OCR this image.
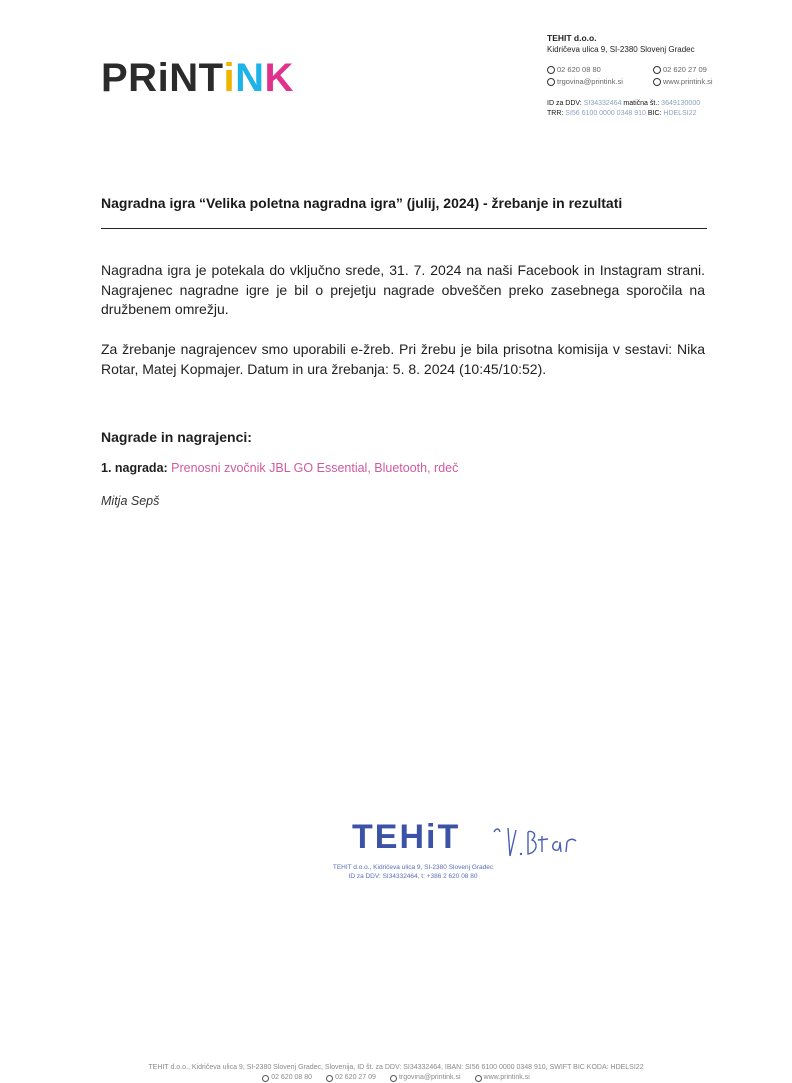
PRiNTiNK
TEHIT d.o.o.
Kidričeva ulica 9, SI-2380 Slovenj Gradec
02 620 08 80	02 620 27 09
trgovina@printink.si	www.printink.si
ID za DDV: SI34332464 matična št.: 3649130000
TRR: SI56 6100 0000 0348 910 BIC: HDELSI22
Nagradna igra “Velika poletna nagradna igra” (julij, 2024) - žrebanje in rezultati
Nagradna igra je potekala do vključno srede, 31. 7. 2024 na naši Facebook in Instagram strani. Nagrajenec nagradne igre je bil o prejetju nagrade obveščen preko zasebnega sporočila na družbenem omrežju.
Za žrebanje nagrajencev smo uporabili e-žreb. Pri žrebu je bila prisotna komisija v sestavi: Nika Rotar, Matej Kopmajer. Datum in ura žrebanja: 5. 8. 2024 (10:45/10:52).
Nagrade in nagrajenci:
1. nagrada: Prenosni zvočnik JBL GO Essential, Bluetooth, rdeč
Mitja Sepš
TEHiT
TEHIT d.o.o., Kidričeva ulica 9, SI-2380 Slovenj Gradec
ID za DDV: SI34332464, t: +386 2 620 08 80
TEHIT d.o.o., Kidričeva ulica 9, SI-2380 Slovenj Gradec, Slovenija, ID št. za DDV: SI34332464, IBAN: SI56 6100 0000 0348 910, SWIFT BIC KODA: HDELSI22
02 620 08 80	02 620 27 09	trgovina@printink.si	www.printink.si
